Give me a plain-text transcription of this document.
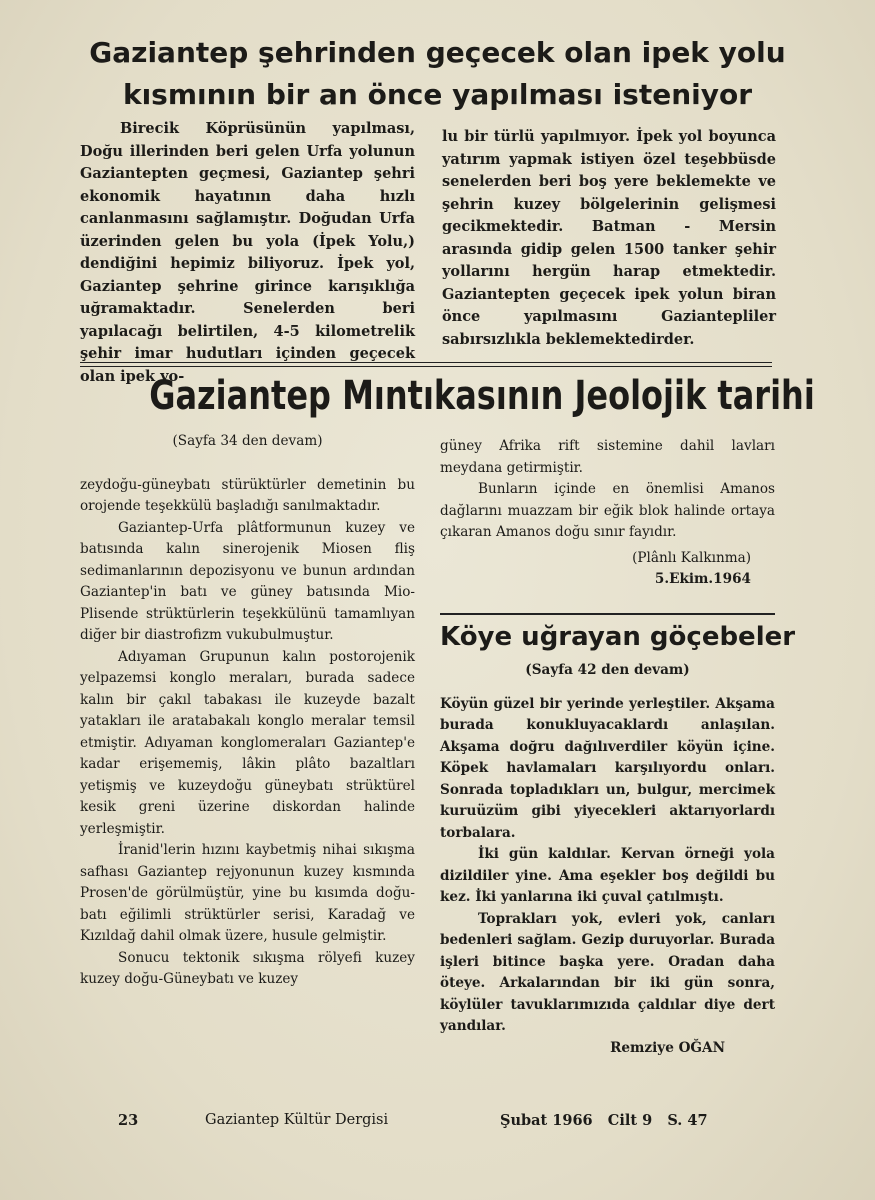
Gaziantep şehrinden geçecek olan ipek yolu
kısmının bir an önce yapılması isteniyor

Birecik Köprüsünün yapılması, Doğu illerinden beri gelen Urfa yolunun Gaziantepten geçmesi, Gaziantep şehri ekonomik hayatının daha hızlı canlanmasını sağlamıştır. Doğudan Urfa üzerinden gelen bu yola (İpek Yolu,) dendiğini hepimiz biliyoruz. İpek yol, Gaziantep şehrine girince karışıklığa uğramaktadır. Senelerden beri yapılacağı belirtilen, 4-5 kilometrelik şehir imar hudutları içinden geçecek olan ipek yo-

lu bir türlü yapılmıyor. İpek yol boyunca yatırım yapmak istiyen özel teşebbüsde senelerden beri boş yere beklemekte ve şehrin kuzey bölgelerinin gelişmesi gecikmektedir. Batman - Mersin arasında gidip gelen 1500 tanker şehir yollarını hergün harap etmektedir. Gaziantepten geçecek ipek yolun biran önce yapılmasını Gaziantepliler sabırsızlıkla beklemektedirder.

Gaziantep Mıntıkasının Jeolojik tarihi

(Sayfa 34 den devam)

zeydoğu-güneybatı stürüktürler demetinin bu orojende teşekkülü başladığı sanılmaktadır.

Gaziantep-Urfa plâtformunun kuzey ve batısında kalın sinerojenik Miosen fliş sedimanlarının depozisyonu ve bunun ardından Gaziantep'in batı ve güney batısında Mio-Plisende strüktürlerin teşekkülünü tamamlıyan diğer bir diastrofizm vukubulmuştur.

Adıyaman Grupunun kalın postorojenik yelpazemsi konglo meraları, burada sadece kalın bir çakıl tabakası ile kuzeyde bazalt yatakları ile aratabakalı konglo meralar temsil etmiştir. Adıyaman konglomeraları Gaziantep'e kadar erişememiş, lâkin plâto bazaltları yetişmiş ve kuzeydoğu güneybatı strüktürel kesik greni üzerine diskordan halinde yerleşmiştir.

İranid'lerin hızını kaybetmiş nihai sıkışma safhası Gaziantep rejyonunun kuzey kısmında Prosen'de görülmüştür, yine bu kısımda doğu-batı eğilimli strüktürler serisi, Karadağ ve Kızıldağ dahil olmak üzere, husule gelmiştir.

Sonucu tektonik sıkışma rölyefi kuzey kuzey doğu-Güneybatı ve kuzey

güney Afrika rift sistemine dahil lavları meydana getirmiştir.

Bunların içinde en önemlisi Amanos dağlarını muazzam bir eğik blok halinde ortaya çıkaran Amanos doğu sınır fayıdır.

(Plânlı Kalkınma)

5.Ekim.1964

Köye uğrayan göçebeler

(Sayfa 42 den devam)

Köyün güzel bir yerinde yerleştiler. Akşama burada konukluyacaklardı anlaşılan. Akşama doğru dağılıverdiler köyün içine. Köpek havlamaları karşılıyordu onları. Sonrada topladıkları un, bulgur, mercimek kuruüzüm gibi yiyecekleri aktarıyorlardı torbalara.

İki gün kaldılar. Kervan örneği yola dizildiler yine. Ama eşekler boş değildi bu kez. İki yanlarına iki çuval çatılmıştı.

Toprakları yok, evleri yok, canları bedenleri sağlam. Gezip duruyorlar. Burada işleri bitince başka yere. Oradan daha öteye. Arkalarından bir iki gün sonra, köylüler tavuklarımızıda çaldılar diye dert yandılar.

Remziye OĞAN

23	Gaziantep Kültür Dergisi	Şubat 1966   Cilt 9   S. 47
